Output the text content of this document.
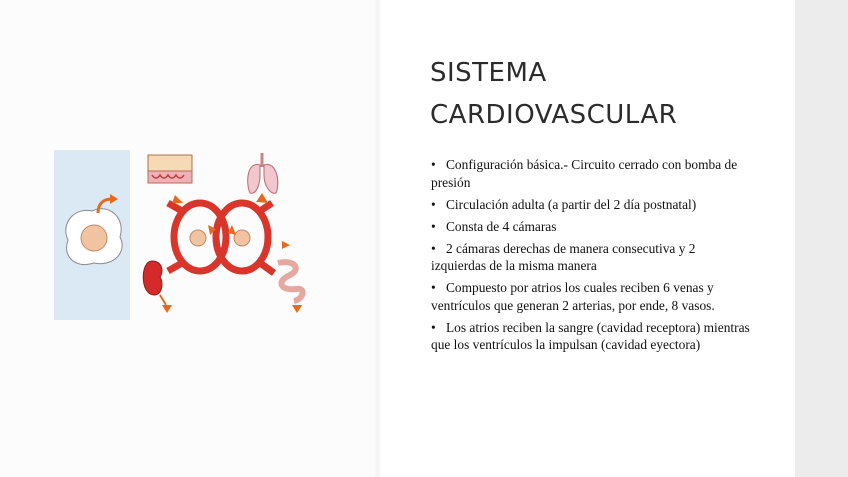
sistema
cardiovascular
• Configuración básica.- Circuito cerrado con bomba de presión
• Circulación adulta (a partir del 2 día postnatal)
• Consta de 4 cámaras
• 2 cámaras derechas de manera consecutiva y 2 izquierdas de la misma manera
• Compuesto por atrios los cuales reciben 6 venas y ventrículos que generan 2 arterias, por ende, 8 vasos.
• Los atrios reciben la sangre (cavidad receptora) mientras que los ventrículos la impulsan (cavidad eyectora)
